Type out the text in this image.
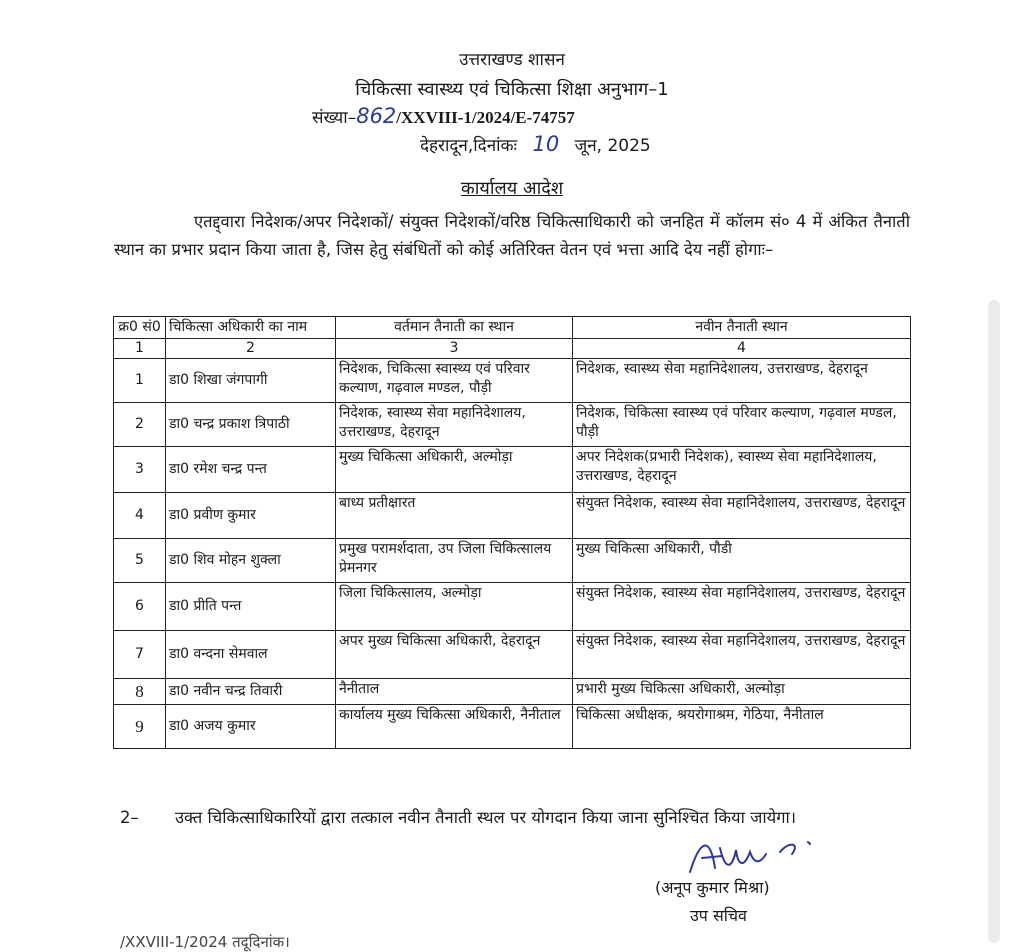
उत्तराखण्ड शासन
चिकित्सा स्वास्थ्य एवं चिकित्सा शिक्षा अनुभाग–1
संख्या–862/XXVIII-1/2024/E-74757
देहरादून,दिनांकः 10 जून, 2025
कार्यालय आदेश
एतद्द्वारा निदेशक/अपर निदेशकों/ संयुक्त निदेशकों/वरिष्ठ चिकित्साधिकारी को जनहित में कॉलम सं० 4 में अंकित तैनाती स्थान का प्रभार प्रदान किया जाता है, जिस हेतु संबंधितों को कोई अतिरिक्त वेतन एवं भत्ता आदि देय नहीं होगाः–
क्र0 सं0	चिकित्सा अधिकारी का नाम	वर्तमान तैनाती का स्थान	नवीन तैनाती स्थान
1	2	3	4
1	डा0 शिखा जंगपागी	निदेशक, चिकित्सा स्वास्थ्य एवं परिवार कल्याण, गढ़वाल मण्डल, पौड़ी	निदेशक, स्वास्थ्य सेवा महानिदेशालय, उत्तराखण्ड, देहरादून
2	डा0 चन्द्र प्रकाश त्रिपाठी	निदेशक, स्वास्थ्य सेवा महानिदेशालय, उत्तराखण्ड, देहरादून	निदेशक, चिकित्सा स्वास्थ्य एवं परिवार कल्याण, गढ़वाल मण्डल, पौड़ी
3	डा0 रमेश चन्द्र पन्त	मुख्य चिकित्सा अधिकारी, अल्मोड़ा	अपर निदेशक(प्रभारी निदेशक), स्वास्थ्य सेवा महानिदेशालय, उत्तराखण्ड, देहरादून
4	डा0 प्रवीण कुमार	बाध्य प्रतीक्षारत	संयुक्त निदेशक, स्वास्थ्य सेवा महानिदेशालय, उत्तराखण्ड, देहरादून
5	डा0 शिव मोहन शुक्ला	प्रमुख परामर्शदाता, उप जिला चिकित्सालय प्रेमनगर	मुख्य चिकित्सा अधिकारी, पौडी
6	डा0 प्रीति पन्त	जिला चिकित्सालय, अल्मोड़ा	संयुक्त निदेशक, स्वास्थ्य सेवा महानिदेशालय, उत्तराखण्ड, देहरादून
7	डा0 वन्दना सेमवाल	अपर मुख्य चिकित्सा अधिकारी, देहरादून	संयुक्त निदेशक, स्वास्थ्य सेवा महानिदेशालय, उत्तराखण्ड, देहरादून
8	डा0 नवीन चन्द्र तिवारी	नैनीताल	प्रभारी मुख्य चिकित्सा अधिकारी, अल्मोड़ा
9	डा0 अजय कुमार	कार्यालय मुख्य चिकित्सा अधिकारी, नैनीताल	चिकित्सा अधीक्षक, श्रयरोगाश्रम, गेठिया, नैनीताल
2– उक्त चिकित्साधिकारियों द्वारा तत्काल नवीन तैनाती स्थल पर योगदान किया जाना सुनिश्चित किया जायेगा।
(अनूप कुमार मिश्रा)
उप सचिव
/XXVIII-1/2024 तदूदिनांक।
